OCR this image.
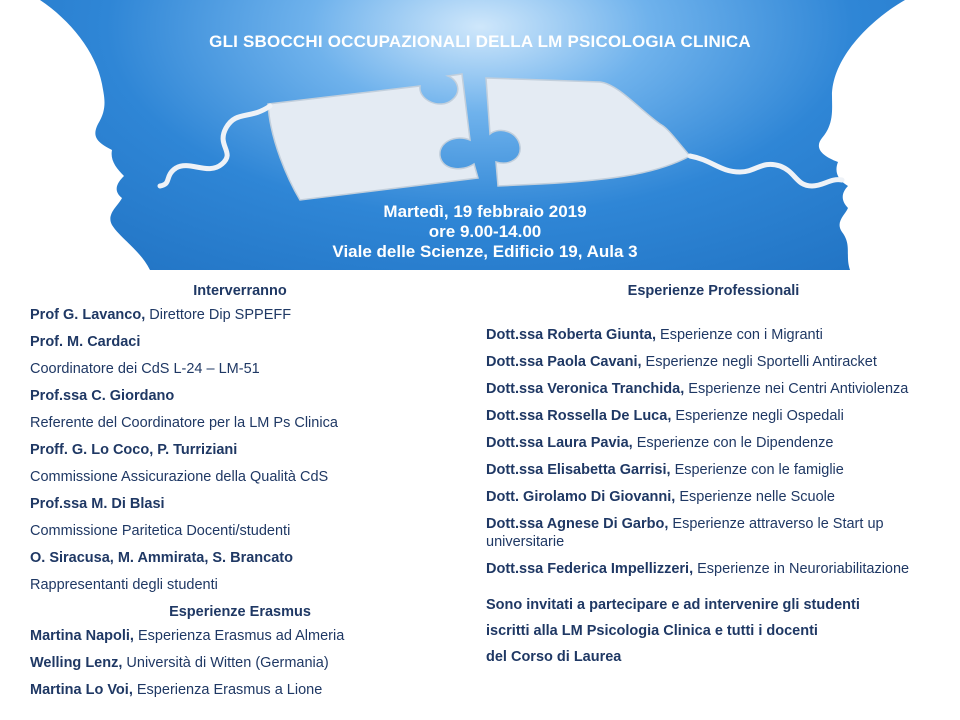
GLI SBOCCHI OCCUPAZIONALI DELLA LM PSICOLOGIA CLINICA
Martedì, 19 febbraio 2019
ore 9.00-14.00
Viale delle Scienze, Edificio 19, Aula 3
Interverranno
Prof G. Lavanco, Direttore Dip SPPEFF
Prof. M. Cardaci
Coordinatore dei CdS L-24 – LM-51
Prof.ssa C. Giordano
Referente del Coordinatore per la LM Ps Clinica
Proff. G. Lo Coco, P. Turriziani
Commissione Assicurazione della Qualità CdS
Prof.ssa M. Di Blasi
Commissione Paritetica Docenti/studenti
O. Siracusa, M. Ammirata, S. Brancato
Rappresentanti degli studenti
Esperienze Erasmus
Martina Napoli, Esperienza Erasmus ad Almeria
Welling Lenz, Università di Witten (Germania)
Martina Lo Voi, Esperienza Erasmus a Lione
Esperienze Professionali
Dott.ssa Roberta Giunta, Esperienze con i Migranti
Dott.ssa Paola Cavani, Esperienze negli Sportelli Antiracket
Dott.ssa Veronica Tranchida, Esperienze nei Centri Antiviolenza
Dott.ssa Rossella De Luca, Esperienze negli Ospedali
Dott.ssa Laura Pavia, Esperienze con le Dipendenze
Dott.ssa Elisabetta Garrisi, Esperienze con le famiglie
Dott. Girolamo Di Giovanni, Esperienze nelle Scuole
Dott.ssa Agnese Di Garbo, Esperienze attraverso le Start up universitarie
Dott.ssa Federica Impellizzeri, Esperienze in Neuroriabilitazione
Sono invitati a partecipare e ad intervenire gli studenti
iscritti alla LM Psicologia Clinica e tutti i docenti
del Corso di Laurea
